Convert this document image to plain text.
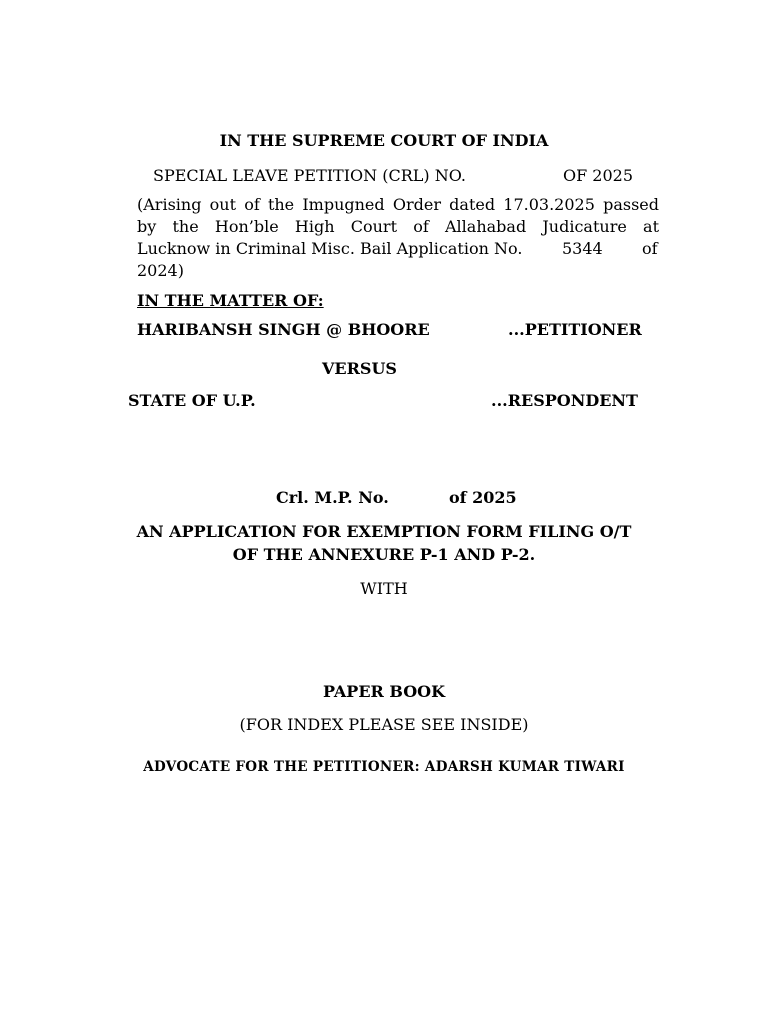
IN THE SUPREME COURT OF INDIA
SPECIAL LEAVE PETITION (CRL) NO.	OF 2025
(Arising out of the Impugned Order dated 17.03.2025 passed
by the Hon’ble High Court of Allahabad Judicature at
Lucknow in Criminal Misc. Bail Application No. 5344 of
2024)
IN THE MATTER OF:
HARIBANSH SINGH @ BHOORE	...PETITIONER
VERSUS
STATE OF U.P.	...RESPONDENT
Crl. M.P. No.	of 2025
AN APPLICATION FOR EXEMPTION FORM FILING O/T
OF THE ANNEXURE P-1 AND P-2.
WITH
PAPER BOOK
(FOR INDEX PLEASE SEE INSIDE)
ADVOCATE FOR THE PETITIONER: ADARSH KUMAR TIWARI
